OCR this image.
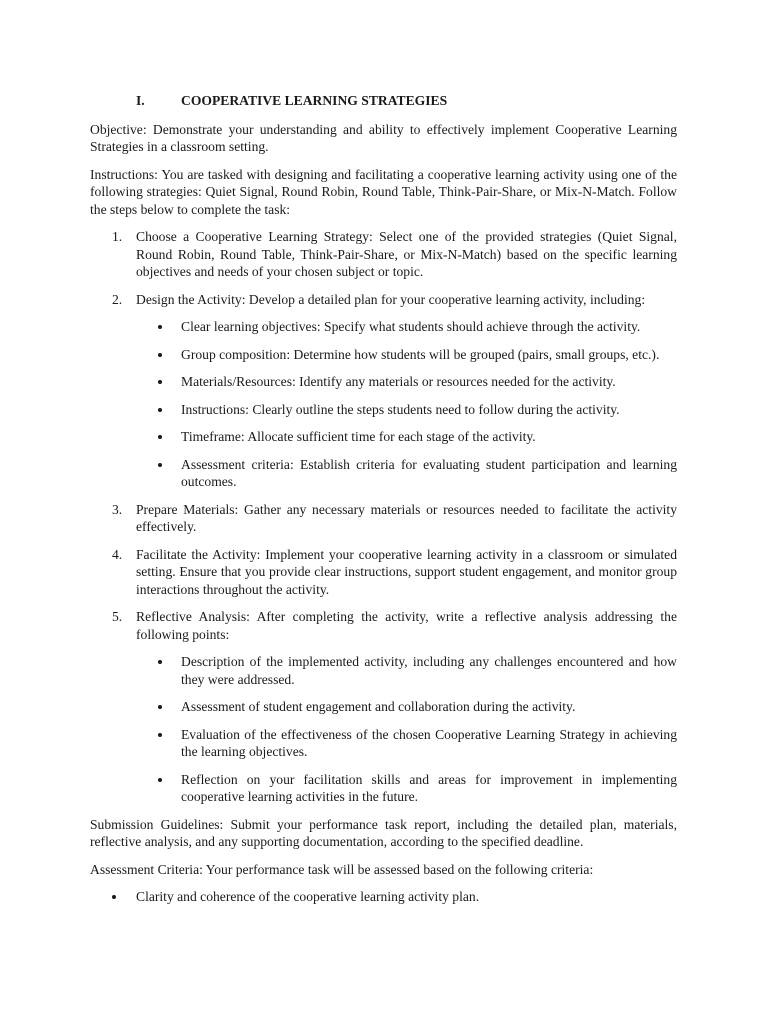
I.	COOPERATIVE LEARNING STRATEGIES

Objective: Demonstrate your understanding and ability to effectively implement Cooperative Learning Strategies in a classroom setting.

Instructions: You are tasked with designing and facilitating a cooperative learning activity using one of the following strategies: Quiet Signal, Round Robin, Round Table, Think-Pair-Share, or Mix-N-Match. Follow the steps below to complete the task:

1. Choose a Cooperative Learning Strategy: Select one of the provided strategies (Quiet Signal, Round Robin, Round Table, Think-Pair-Share, or Mix-N-Match) based on the specific learning objectives and needs of your chosen subject or topic.
2. Design the Activity: Develop a detailed plan for your cooperative learning activity, including:
Clear learning objectives: Specify what students should achieve through the activity.
Group composition: Determine how students will be grouped (pairs, small groups, etc.).
Materials/Resources: Identify any materials or resources needed for the activity.
Instructions: Clearly outline the steps students need to follow during the activity.
Timeframe: Allocate sufficient time for each stage of the activity.
Assessment criteria: Establish criteria for evaluating student participation and learning outcomes.
3. Prepare Materials: Gather any necessary materials or resources needed to facilitate the activity effectively.
4. Facilitate the Activity: Implement your cooperative learning activity in a classroom or simulated setting. Ensure that you provide clear instructions, support student engagement, and monitor group interactions throughout the activity.
5. Reflective Analysis: After completing the activity, write a reflective analysis addressing the following points:
Description of the implemented activity, including any challenges encountered and how they were addressed.
Assessment of student engagement and collaboration during the activity.
Evaluation of the effectiveness of the chosen Cooperative Learning Strategy in achieving the learning objectives.
Reflection on your facilitation skills and areas for improvement in implementing cooperative learning activities in the future.

Submission Guidelines: Submit your performance task report, including the detailed plan, materials, reflective analysis, and any supporting documentation, according to the specified deadline.

Assessment Criteria: Your performance task will be assessed based on the following criteria:

Clarity and coherence of the cooperative learning activity plan.
